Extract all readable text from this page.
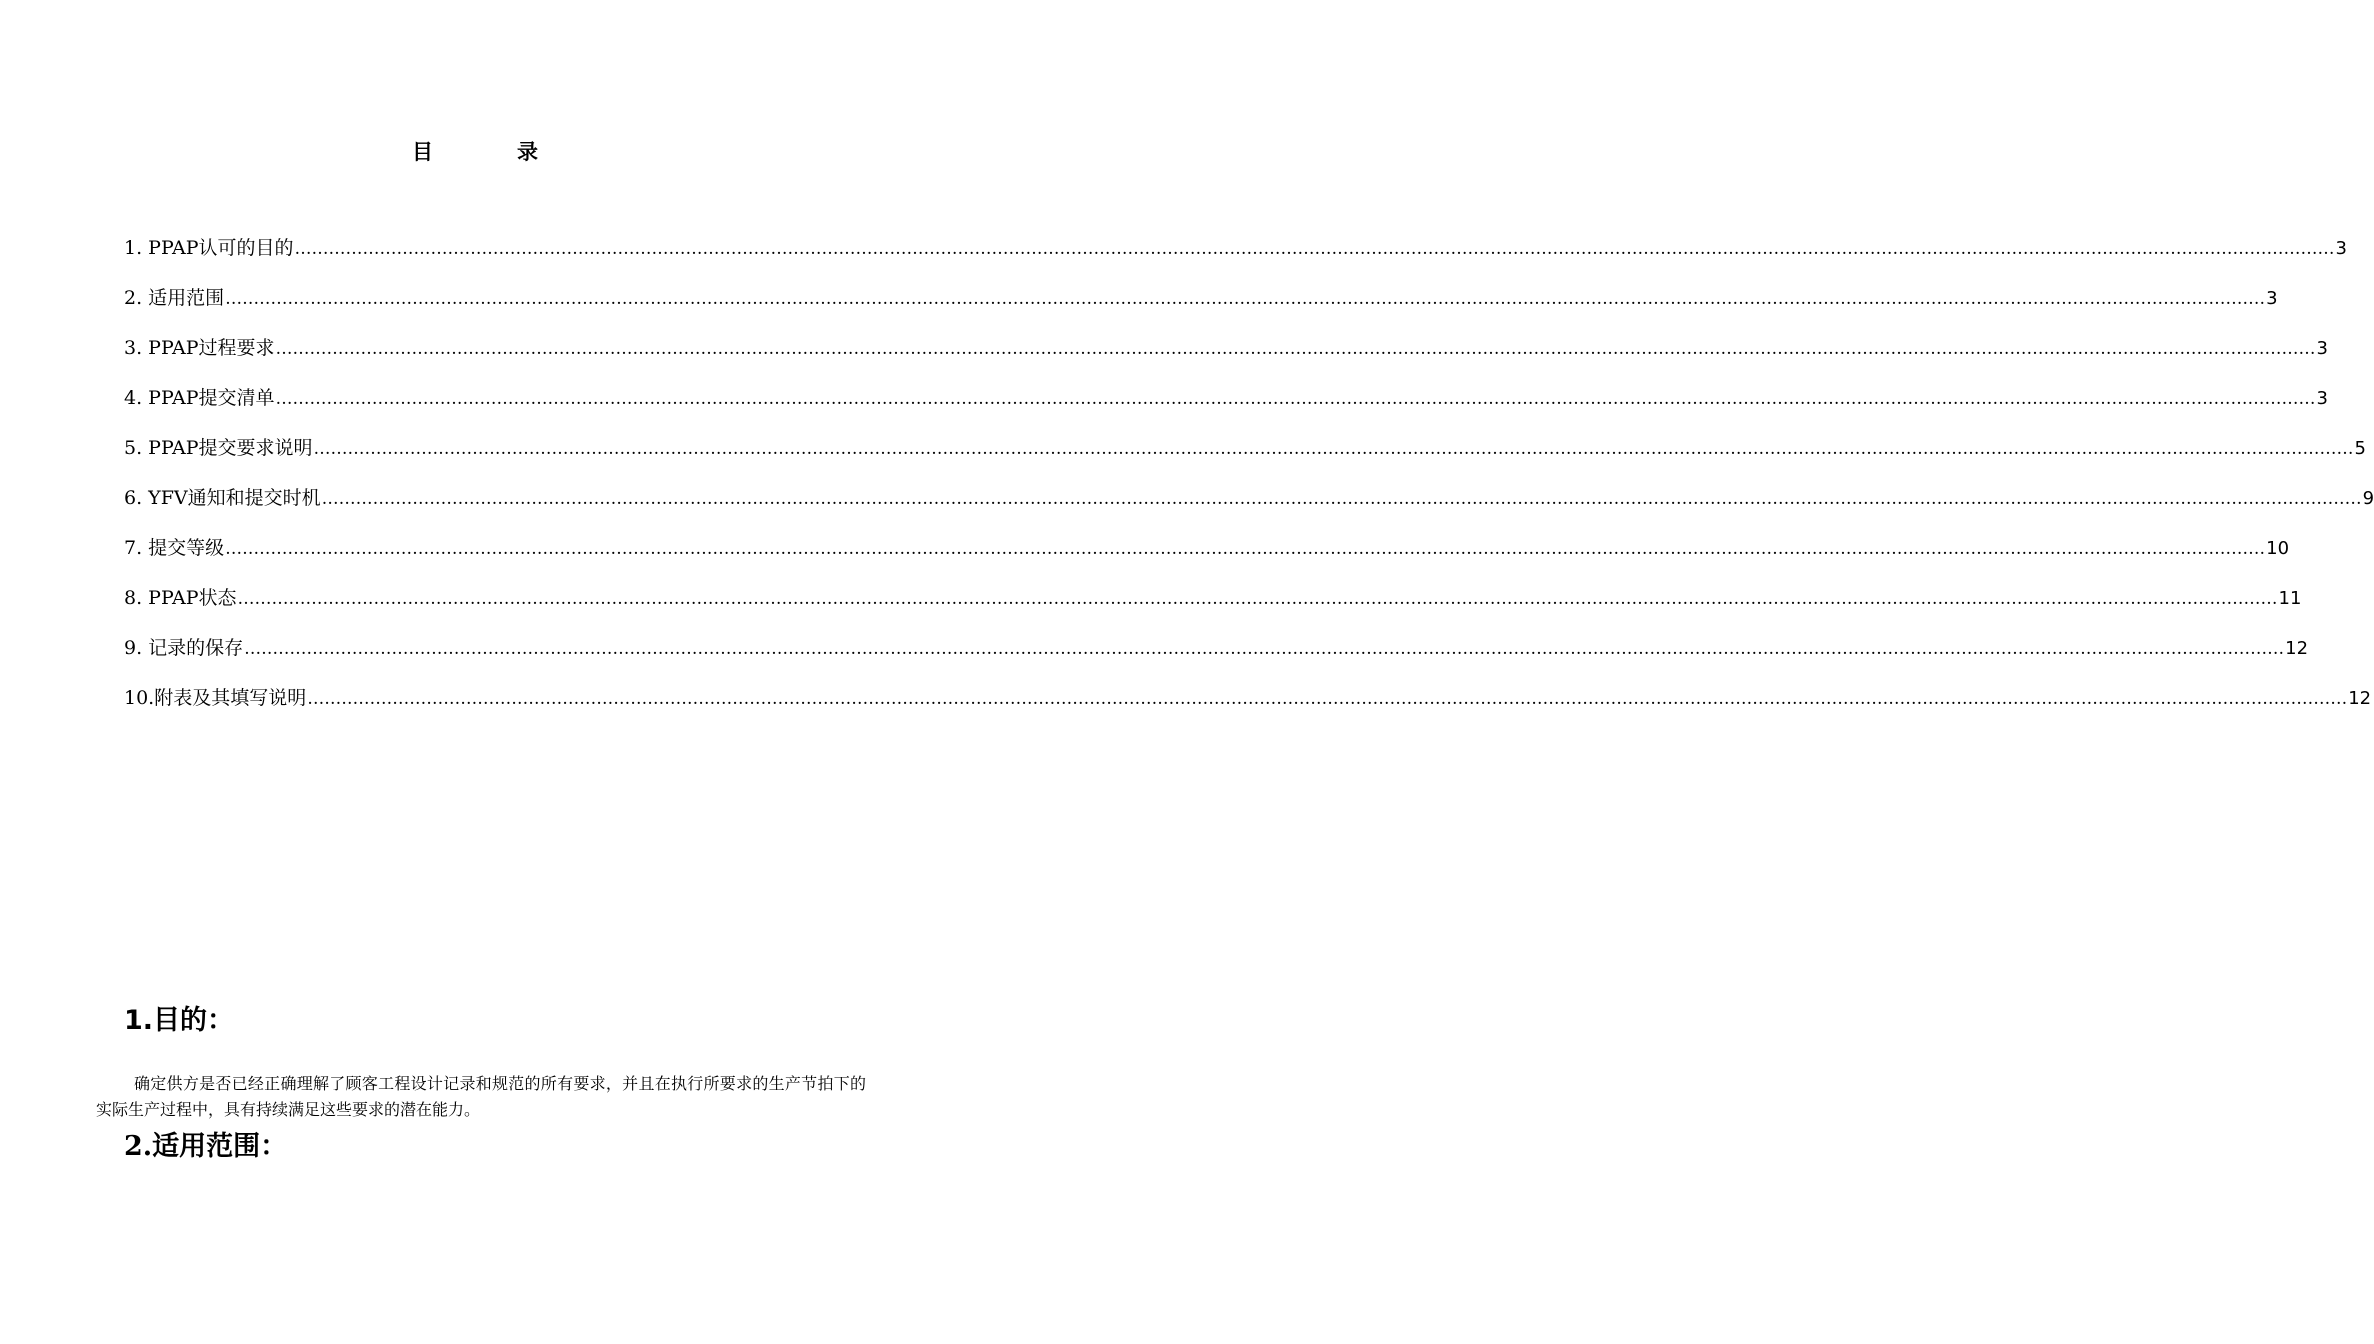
目	录
1. PPAP认可的目的 ……………………………………………………………………………………………………………………………………………………………………………………………………………………………………………………………………………………………………………………………… 3
2. 适用范围 ……………………………………………………………………………………………………………………………………………………………………………………………………………………………………………………………………………………………………………………………… 3
3. PPAP过程要求 ……………………………………………………………………………………………………………………………………………………………………………………………………………………………………………………………………………………………………………………………… 3
4. PPAP提交清单 ……………………………………………………………………………………………………………………………………………………………………………………………………………………………………………………………………………………………………………………………… 3
5. PPAP提交要求说明 ……………………………………………………………………………………………………………………………………………………………………………………………………………………………………………………………………………………………………………………………… 5
6. YFV通知和提交时机 ……………………………………………………………………………………………………………………………………………………………………………………………………………………………………………………………………………………………………………………………… 9
7. 提交等级 ……………………………………………………………………………………………………………………………………………………………………………………………………………………………………………………………………………………………………………………………… 10
8. PPAP状态 ……………………………………………………………………………………………………………………………………………………………………………………………………………………………………………………………………………………………………………………………… 11
9. 记录的保存 ……………………………………………………………………………………………………………………………………………………………………………………………………………………………………………………………………………………………………………………………… 12
10.附表及其填写说明 ……………………………………………………………………………………………………………………………………………………………………………………………………………………………………………………………………………………………………………………………… 12
1.目的：
确定供方是否已经正确理解了顾客工程设计记录和规范的所有要求，并且在执行所要求的生产节拍下的实际生产过程中，具有持续满足这些要求的潜在能力。
2.适用范围：
